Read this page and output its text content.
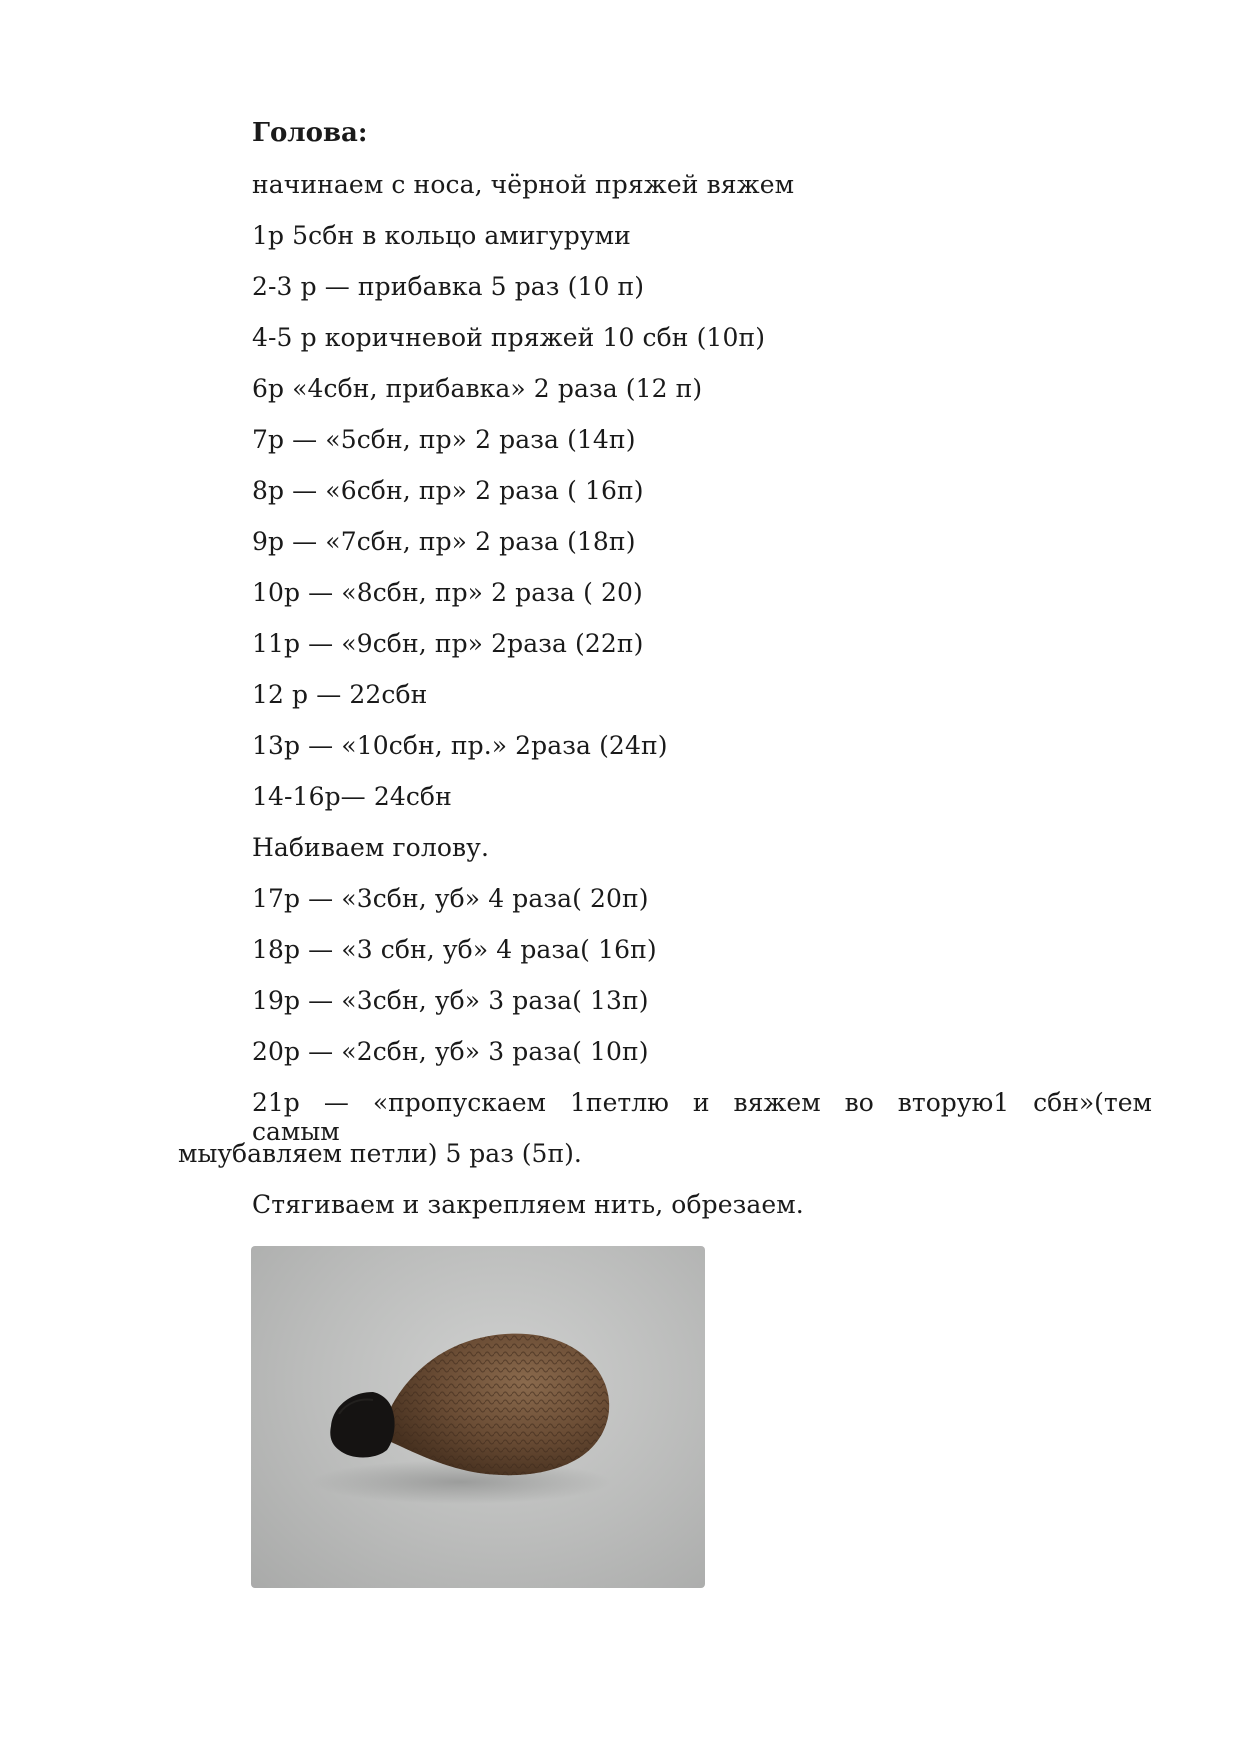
Голова:
начинаем с носа, чёрной пряжей вяжем
1р 5сбн в кольцо амигуруми
2-3 р — прибавка 5 раз (10 п)
4-5 р коричневой пряжей 10 сбн (10п)
6р «4сбн, прибавка» 2 раза (12 п)
7р — «5сбн, пр» 2 раза (14п)
8р — «6сбн, пр» 2 раза ( 16п)
9р — «7сбн, пр» 2 раза (18п)
10р — «8сбн, пр» 2 раза ( 20)
11р — «9сбн, пр» 2раза (22п)
12 р — 22сбн
13р — «10сбн, пр.» 2раза (24п)
14-16р— 24сбн
Набиваем голову.
17р — «3сбн, уб» 4 раза( 20п)
18р — «3 сбн, уб» 4 раза( 16п)
19р — «3сбн, уб» 3 раза( 13п)
20р — «2сбн, уб» 3 раза( 10п)
21р — «пропускаем 1петлю и вяжем во вторую1 сбн»(тем самым
мыубавляем петли) 5 раз (5п).
Стягиваем и закрепляем нить, обрезаем.
